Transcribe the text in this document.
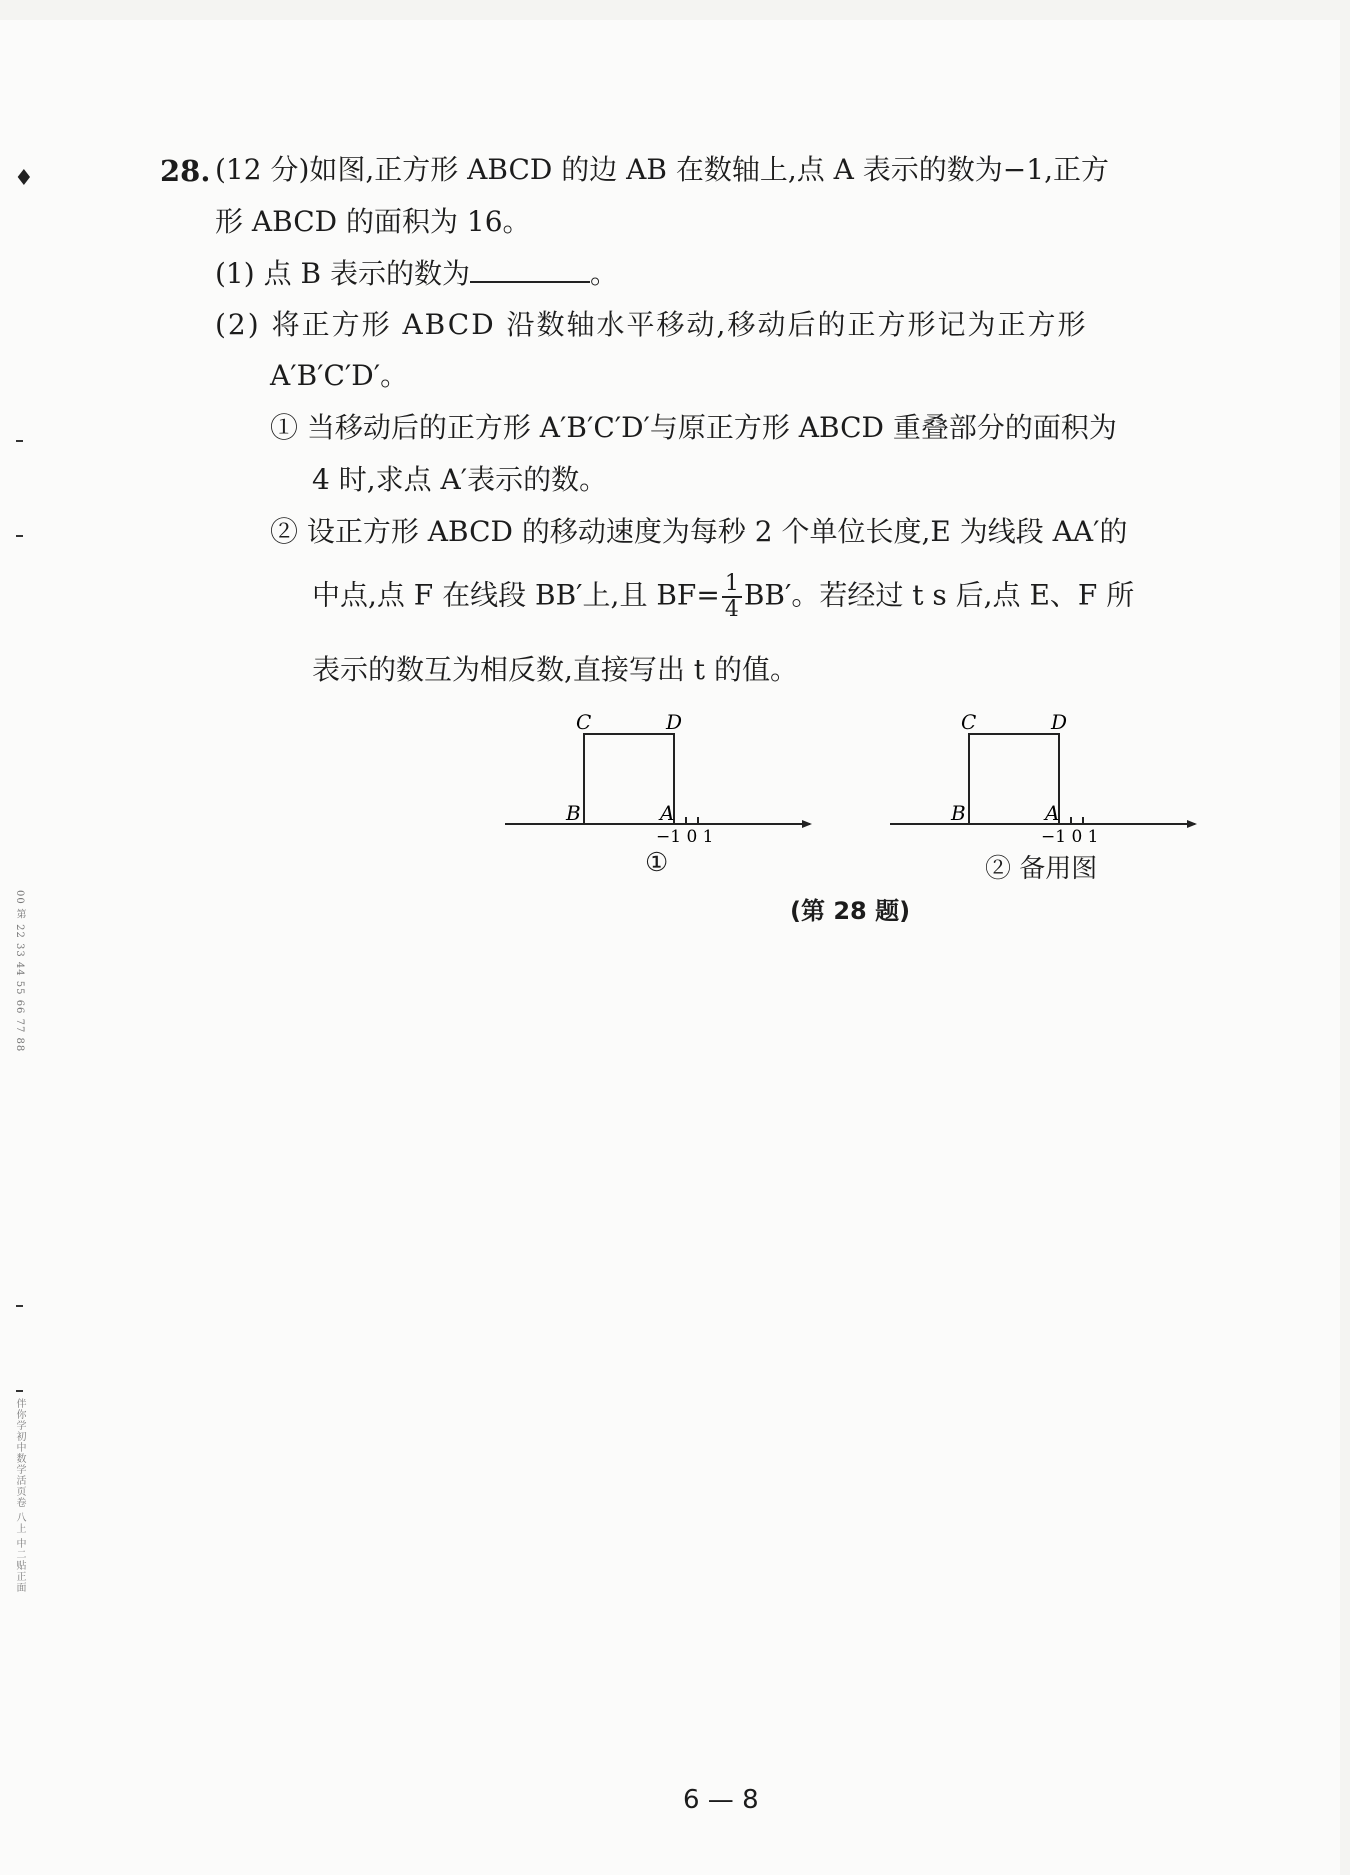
♦
00 第 22 33 44 55 66 77 88
伴你学初中数学活页卷 八上 中二贴正面
28. (12 分)如图,正方形 ABCD 的边 AB 在数轴上,点 A 表示的数为−1,正方
形 ABCD 的面积为 16。
(1) 点 B 表示的数为	。
(2) 将正方形 ABCD 沿数轴水平移动,移动后的正方形记为正方形
A′B′C′D′。
① 当移动后的正方形 A′B′C′D′与原正方形 ABCD 重叠部分的面积为
4 时,求点 A′表示的数。
② 设正方形 ABCD 的移动速度为每秒 2 个单位长度,E 为线段 AA′的
中点,点 F 在线段 BB′上,且 $BF= \frac{1}{4} BB'$。若经过 t s 后,点 E、F 所
表示的数互为相反数,直接写出 t 的值。
C	D
B	A
−1 0 1
①
C	D
B	A
−1 0 1
② 备用图
(第 28 题)
6 — 8
